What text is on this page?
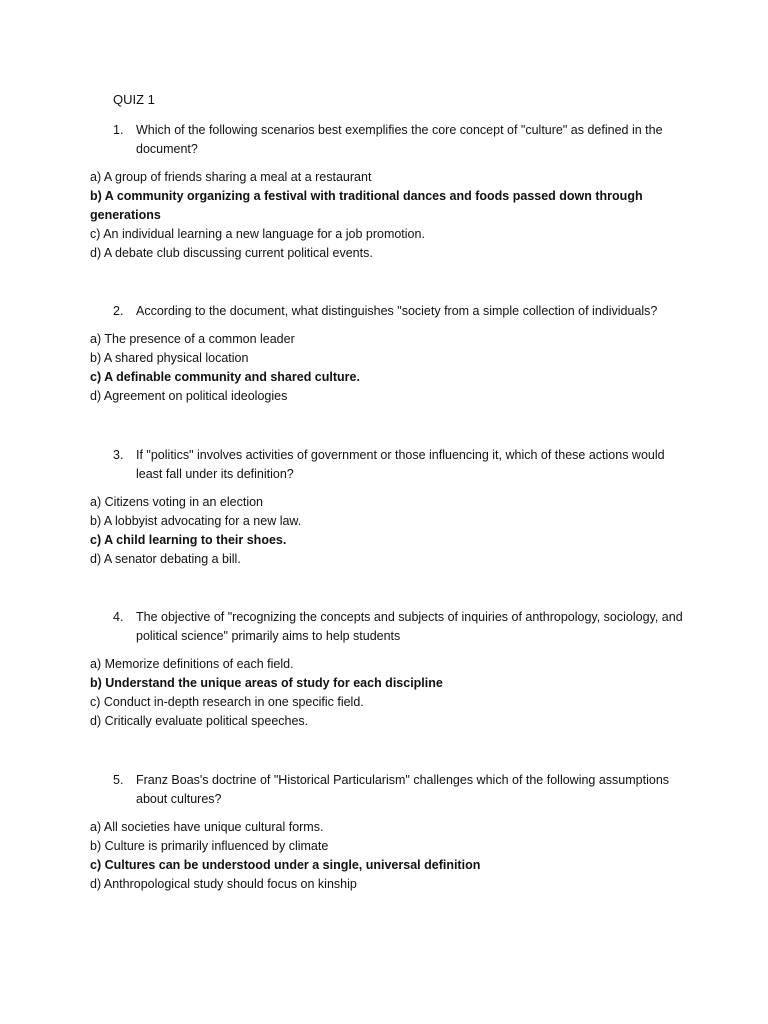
QUIZ 1
1. Which of the following scenarios best exemplifies the core concept of "culture" as defined in the document?
a) A group of friends sharing a meal at a restaurant
b) A community organizing a festival with traditional dances and foods passed down through generations
c) An individual learning a new language for a job promotion.
d) A debate club discussing current political events.
2. According to the document, what distinguishes "society from a simple collection of individuals?
a) The presence of a common leader
b) A shared physical location
c) A definable community and shared culture.
d) Agreement on political ideologies
3. If "politics" involves activities of government or those influencing it, which of these actions would least fall under its definition?
a) Citizens voting in an election
b) A lobbyist advocating for a new law.
c) A child learning to their shoes.
d) A senator debating a bill.
4. The objective of "recognizing the concepts and subjects of inquiries of anthropology, sociology, and political science" primarily aims to help students
a) Memorize definitions of each field.
b) Understand the unique areas of study for each discipline
c) Conduct in-depth research in one specific field.
d) Critically evaluate political speeches.
5. Franz Boas's doctrine of "Historical Particularism" challenges which of the following assumptions about cultures?
a) All societies have unique cultural forms.
b) Culture is primarily influenced by climate
c) Cultures can be understood under a single, universal definition
d) Anthropological study should focus on kinship
